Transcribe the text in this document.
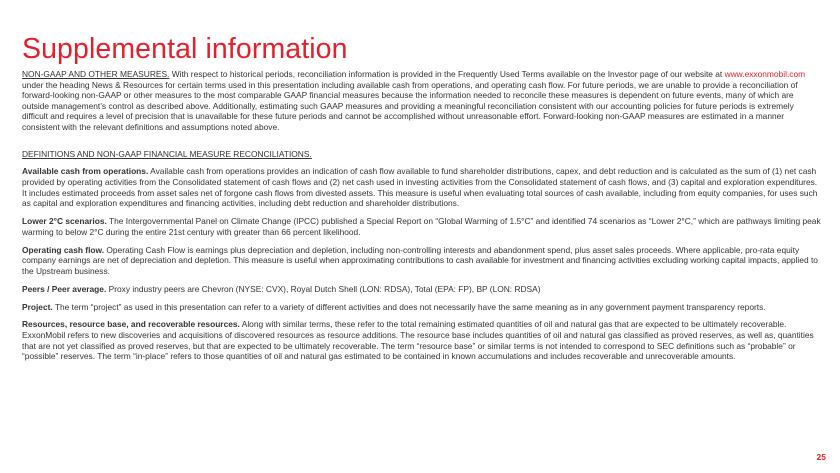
Supplemental information

NON-GAAP AND OTHER MEASURES. With respect to historical periods, reconciliation information is provided in the Frequently Used Terms available on the Investor page of our website at www.exxonmobil.com under the heading News & Resources for certain terms used in this presentation including available cash from operations, and operating cash flow. For future periods, we are unable to provide a reconciliation of forward-looking non-GAAP or other measures to the most comparable GAAP financial measures because the information needed to reconcile these measures is dependent on future events, many of which are outside management’s control as described above. Additionally, estimating such GAAP measures and providing a meaningful reconciliation consistent with our accounting policies for future periods is extremely difficult and requires a level of precision that is unavailable for these future periods and cannot be accomplished without unreasonable effort. Forward-looking non-GAAP measures are estimated in a manner consistent with the relevant definitions and assumptions noted above.

DEFINITIONS AND NON-GAAP FINANCIAL MEASURE RECONCILIATIONS.

Available cash from operations. Available cash from operations provides an indication of cash flow available to fund shareholder distributions, capex, and debt reduction and is calculated as the sum of (1) net cash provided by operating activities from the Consolidated statement of cash flows and (2) net cash used in investing activities from the Consolidated statement of cash flows, and (3) capital and exploration expenditures. It includes estimated proceeds from asset sales net of forgone cash flows from divested assets. This measure is useful when evaluating total sources of cash available, including from equity companies, for uses such as capital and exploration expenditures and financing activities, including debt reduction and shareholder distributions.

Lower 2°C scenarios. The Intergovernmental Panel on Climate Change (IPCC) published a Special Report on “Global Warming of 1.5°C” and identified 74 scenarios as “Lower 2°C,” which are pathways limiting peak warming to below 2°C during the entire 21st century with greater than 66 percent likelihood.

Operating cash flow. Operating Cash Flow is earnings plus depreciation and depletion, including non-controlling interests and abandonment spend, plus asset sales proceeds. Where applicable, pro-rata equity company earnings are net of depreciation and depletion. This measure is useful when approximating contributions to cash available for investment and financing activities excluding working capital impacts, applied to the Upstream business.

Peers / Peer average. Proxy industry peers are Chevron (NYSE: CVX), Royal Dutch Shell (LON: RDSA), Total (EPA: FP), BP (LON: RDSA)

Project. The term “project” as used in this presentation can refer to a variety of different activities and does not necessarily have the same meaning as in any government payment transparency reports.

Resources, resource base, and recoverable resources. Along with similar terms, these refer to the total remaining estimated quantities of oil and natural gas that are expected to be ultimately recoverable. ExxonMobil refers to new discoveries and acquisitions of discovered resources as resource additions. The resource base includes quantities of oil and natural gas classified as proved reserves, as well as, quantities that are not yet classified as proved reserves, but that are expected to be ultimately recoverable. The term “resource base” or similar terms is not intended to correspond to SEC definitions such as “probable” or “possible” reserves. The term “in-place” refers to those quantities of oil and natural gas estimated to be contained in known accumulations and includes recoverable and unrecoverable amounts.

25
